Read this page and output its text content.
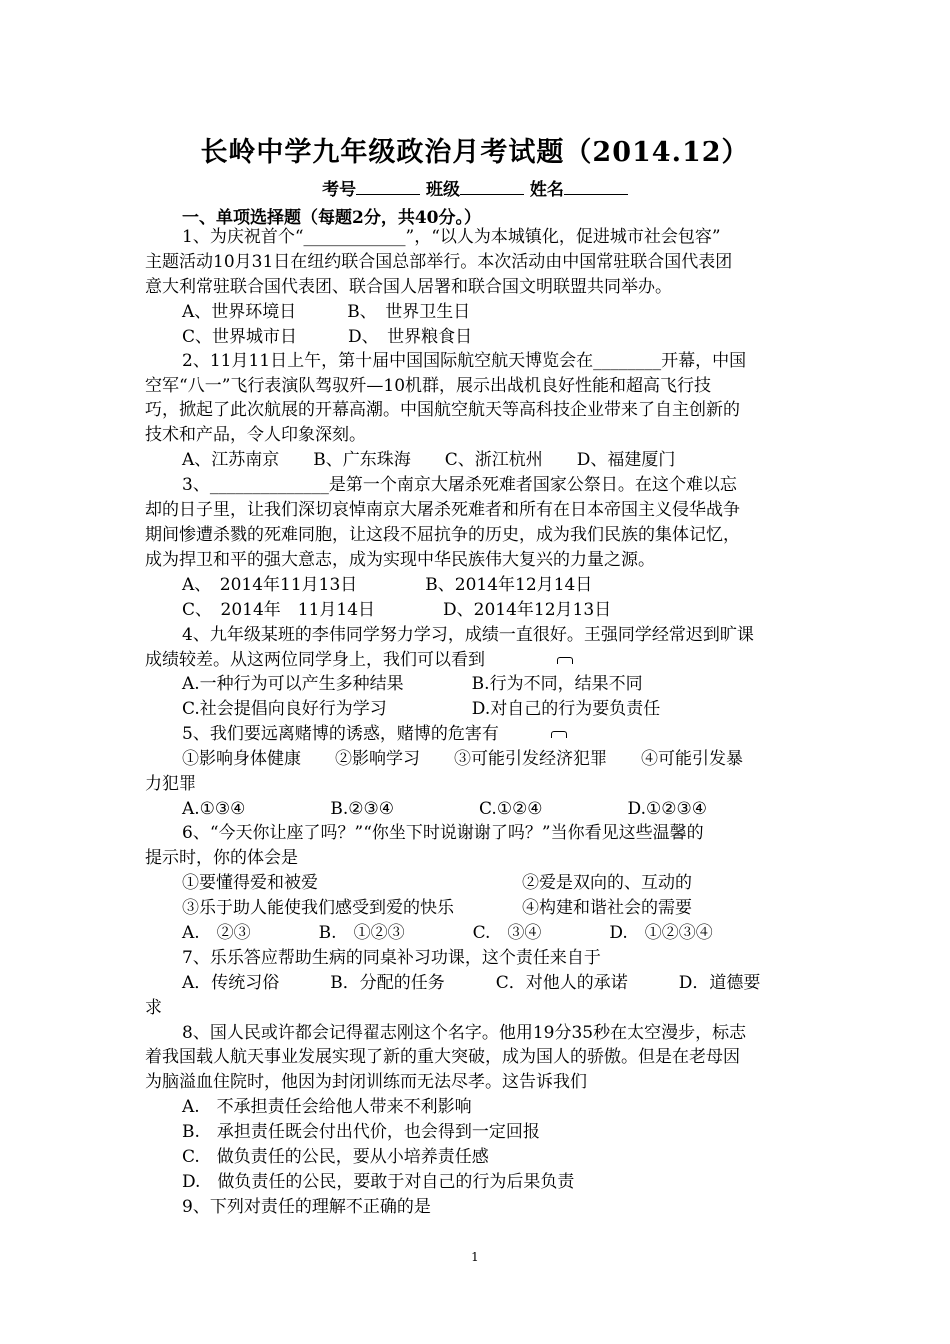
长岭中学九年级政治月考试题（2014.12）
考号	班级	姓名
一、单项选择题（每题2分，共40分。）
1、为庆祝首个“____________”，“以人为本城镇化，促进城市社会包容”
主题活动10月31日在纽约联合国总部举行。本次活动由中国常驻联合国代表团
意大利常驻联合国代表团、联合国人居署和联合国文明联盟共同举办。
A、世界环境日　　　B、　世界卫生日
C、世界城市日　　　D、　世界粮食日
2、11月11日上午，第十届中国国际航空航天博览会在________开幕，中国
空军“八一”飞行表演队驾驭歼—10机群，展示出战机良好性能和超高飞行技
巧，掀起了此次航展的开幕高潮。中国航空航天等高科技企业带来了自主创新的
技术和产品，令人印象深刻。
A、江苏南京　　B、广东珠海　　C、浙江杭州　　D、福建厦门
3、______________是第一个南京大屠杀死难者国家公祭日。在这个难以忘
却的日子里，让我们深切哀悼南京大屠杀死难者和所有在日本帝国主义侵华战争
期间惨遭杀戮的死难同胞，让这段不屈抗争的历史，成为我们民族的集体记忆，
成为捍卫和平的强大意志，成为实现中华民族伟大复兴的力量之源。
A、　2014年11月13日　　　　B、2014年12月14日
C、　2014年　11月14日　　　　D、2014年12月13日
4、九年级某班的李伟同学努力学习，成绩一直很好。王强同学经常迟到旷课
成绩较差。从这两位同学身上，我们可以看到
A.一种行为可以产生多种结果　　　　B.行为不同，结果不同
C.社会提倡向良好行为学习　　　　　D.对自己的行为要负责任
5、我们要远离赌博的诱惑，赌博的危害有
①影响身体健康　　②影响学习　　③可能引发经济犯罪　　④可能引发暴
力犯罪
A.①③④　　　　　B.②③④　　　　　C.①②④　　　　　D.①②③④
6、“今天你让座了吗？”“你坐下时说谢谢了吗？”当你看见这些温馨的
提示时，你的体会是
①要懂得爱和被爱　　　　　　　　　　　　②爱是双向的、互动的
③乐于助人能使我们感受到爱的快乐　　　　④构建和谐社会的需要
A.　②③　　　　B.　①②③　　　　C.　③④　　　　D.　①②③④
7、乐乐答应帮助生病的同桌补习功课，这个责任来自于
A．传统习俗　　　B．分配的任务　　　C．对他人的承诺　　　D．道德要
求
8、国人民或许都会记得翟志刚这个名字。他用19分35秒在太空漫步，标志
着我国载人航天事业发展实现了新的重大突破，成为国人的骄傲。但是在老母因
为脑溢血住院时，他因为封闭训练而无法尽孝。这告诉我们
A.　不承担责任会给他人带来不利影响
B.　承担责任既会付出代价，也会得到一定回报
C.　做负责任的公民，要从小培养责任感
D.　做负责任的公民，要敢于对自己的行为后果负责
9、下列对责任的理解不正确的是
1
